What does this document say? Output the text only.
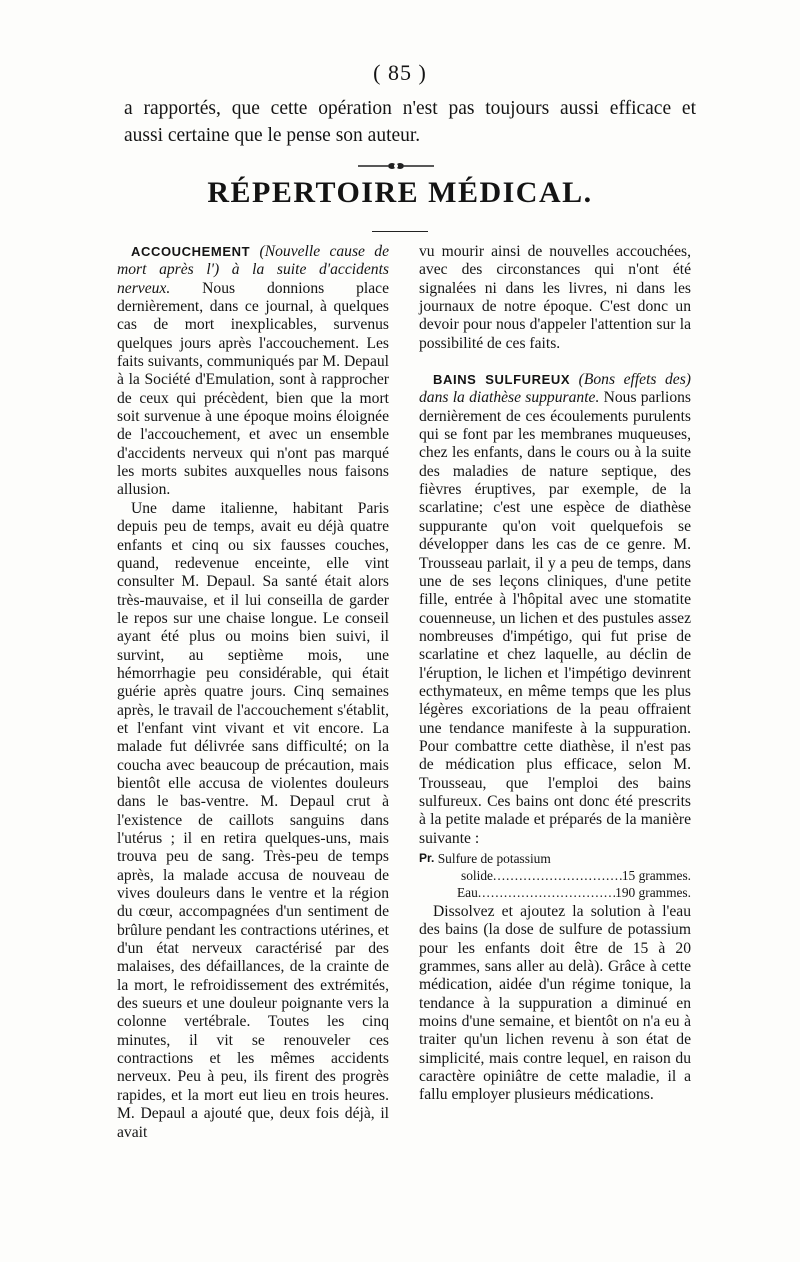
( 85 )
a rapportés, que cette opération n'est pas toujours aussi efficace et
aussi certaine que le pense son auteur.
RÉPERTOIRE MÉDICAL.

ACCOUCHEMENT (Nouvelle cause de mort après l') à la suite d'accidents nerveux. Nous donnions place dernièrement, dans ce journal, à quelques cas de mort inexplicables, survenus quelques jours après l'accouchement. Les faits suivants, communiqués par M. Depaul à la Société d'Emulation, sont à rapprocher de ceux qui précèdent, bien que la mort soit survenue à une époque moins éloignée de l'accouchement, et avec un ensemble d'accidents nerveux qui n'ont pas marqué les morts subites auxquelles nous faisons allusion.

Une dame italienne, habitant Paris depuis peu de temps, avait eu déjà quatre enfants et cinq ou six fausses couches, quand, redevenue enceinte, elle vint consulter M. Depaul. Sa santé était alors très-mauvaise, et il lui conseilla de garder le repos sur une chaise longue. Le conseil ayant été plus ou moins bien suivi, il survint, au septième mois, une hémorrhagie peu considérable, qui était guérie après quatre jours. Cinq semaines après, le travail de l'accouchement s'établit, et l'enfant vint vivant et vit encore. La malade fut délivrée sans difficulté; on la coucha avec beaucoup de précaution, mais bientôt elle accusa de violentes douleurs dans le bas-ventre. M. Depaul crut à l'existence de caillots sanguins dans l'utérus ; il en retira quelques-uns, mais trouva peu de sang. Très-peu de temps après, la malade accusa de nouveau de vives douleurs dans le ventre et la région du cœur, accompagnées d'un sentiment de brûlure pendant les contractions utérines, et d'un état nerveux caractérisé par des malaises, des défaillances, de la crainte de la mort, le refroidissement des extrémités, des sueurs et une douleur poignante vers la colonne vertébrale. Toutes les cinq minutes, il vit se renouveler ces contractions et les mêmes accidents nerveux. Peu à peu, ils firent des progrès rapides, et la mort eut lieu en trois heures. M. Depaul a ajouté que, deux fois déjà, il avait

vu mourir ainsi de nouvelles accouchées, avec des circonstances qui n'ont été signalées ni dans les livres, ni dans les journaux de notre époque. C'est donc un devoir pour nous d'appeler l'attention sur la possibilité de ces faits.

BAINS SULFUREUX (Bons effets des) dans la diathèse suppurante. Nous parlions dernièrement de ces écoulements purulents qui se font par les membranes muqueuses, chez les enfants, dans le cours ou à la suite des maladies de nature septique, des fièvres éruptives, par exemple, de la scarlatine; c'est une espèce de diathèse suppurante qu'on voit quelquefois se développer dans les cas de ce genre. M. Trousseau parlait, il y a peu de temps, dans une de ses leçons cliniques, d'une petite fille, entrée à l'hôpital avec une stomatite couenneuse, un lichen et des pustules assez nombreuses d'impétigo, qui fut prise de scarlatine et chez laquelle, au déclin de l'éruption, le lichen et l'impétigo devinrent ecthymateux, en même temps que les plus légères excoriations de la peau offraient une tendance manifeste à la suppuration. Pour combattre cette diathèse, il n'est pas de médication plus efficace, selon M. Trousseau, que l'emploi des bains sulfureux. Ces bains ont donc été prescrits à la petite malade et préparés de la manière suivante :

Pr.
Sulfure de potassium
solide .....	15 grammes.
Eau .....	190 grammes.

Dissolvez et ajoutez la solution à l'eau des bains (la dose de sulfure de potassium pour les enfants doit être de 15 à 20 grammes, sans aller au delà). Grâce à cette médication, aidée d'un régime tonique, la tendance à la suppuration a diminué en moins d'une semaine, et bientôt on n'a eu à traiter qu'un lichen revenu à son état de simplicité, mais contre lequel, en raison du caractère opiniâtre de cette maladie, il a fallu employer plusieurs médications.
